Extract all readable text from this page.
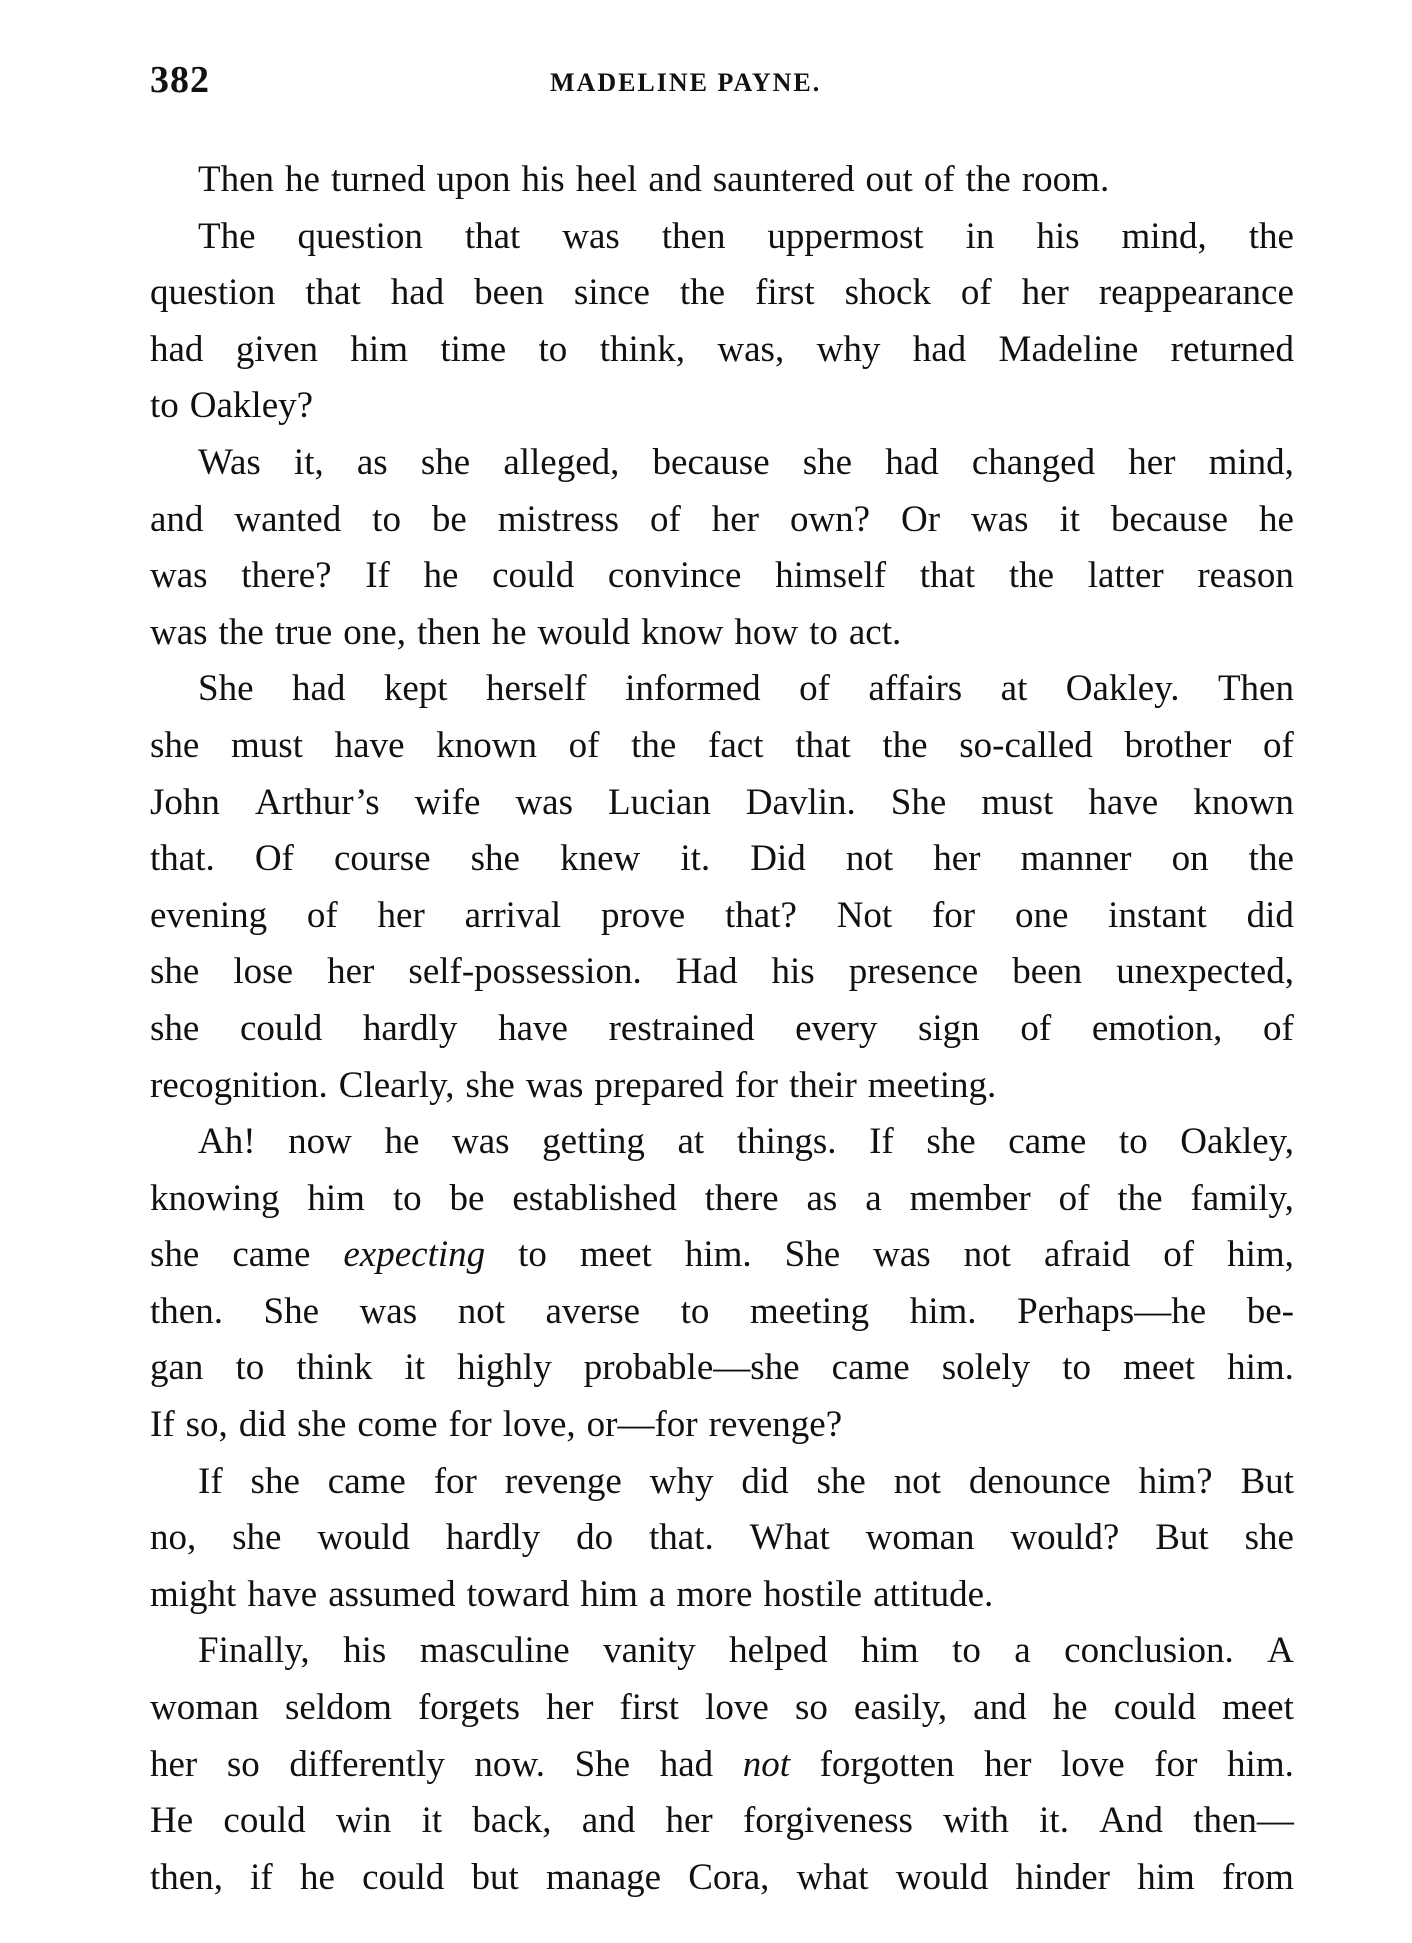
382	MADELINE PAYNE.
Then he turned upon his heel and sauntered out of the room.
The question that was then uppermost in his mind, the
question that had been since the first shock of her reappearance
had given him time to think, was, why had Madeline returned
to Oakley?
Was it, as she alleged, because she had changed her mind,
and wanted to be mistress of her own? Or was it because he
was there? If he could convince himself that the latter reason
was the true one, then he would know how to act.
She had kept herself informed of affairs at Oakley. Then
she must have known of the fact that the so-called brother of
John Arthur’s wife was Lucian Davlin. She must have known
that. Of course she knew it. Did not her manner on the
evening of her arrival prove that? Not for one instant did
she lose her self-possession. Had his presence been unexpected,
she could hardly have restrained every sign of emotion, of
recognition. Clearly, she was prepared for their meeting.
Ah! now he was getting at things. If she came to Oakley,
knowing him to be established there as a member of the family,
she came expecting to meet him. She was not afraid of him,
then. She was not averse to meeting him. Perhaps—he be-
gan to think it highly probable—she came solely to meet him.
If so, did she come for love, or—for revenge?
If she came for revenge why did she not denounce him? But
no, she would hardly do that. What woman would? But she
might have assumed toward him a more hostile attitude.
Finally, his masculine vanity helped him to a conclusion. A
woman seldom forgets her first love so easily, and he could meet
her so differently now. She had not forgotten her love for him.
He could win it back, and her forgiveness with it. And then—
then, if he could but manage Cora, what would hinder him from
